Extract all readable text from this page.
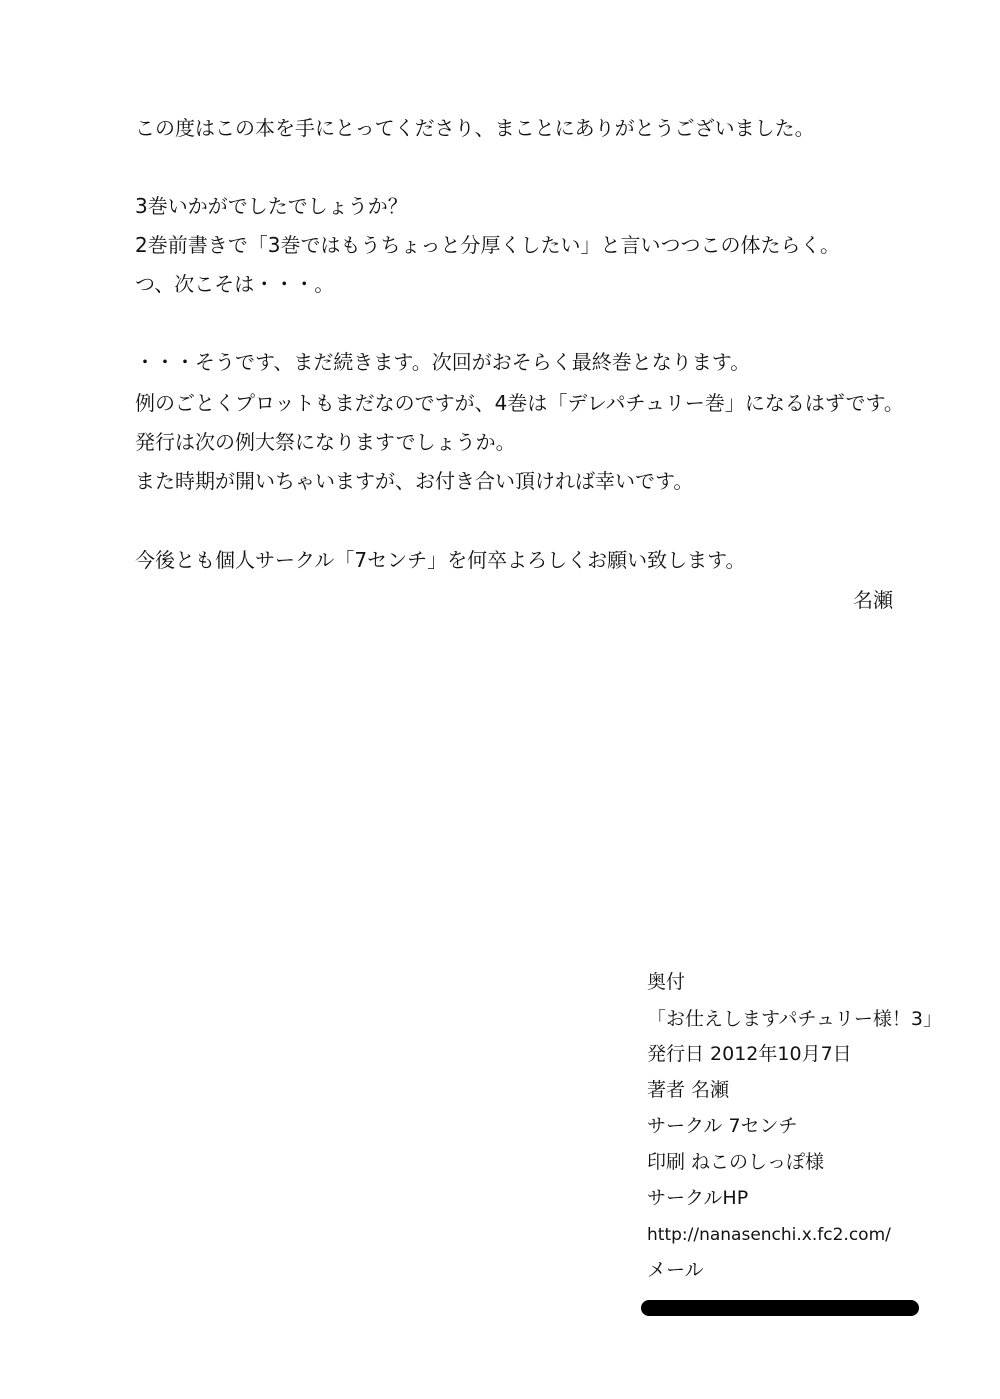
この度はこの本を手にとってくださり、まことにありがとうございました。
3巻いかがでしたでしょうか？
2巻前書きで「3巻ではもうちょっと分厚くしたい」と言いつつこの体たらく。
つ、次こそは・・・。
・・・そうです、まだ続きます。次回がおそらく最終巻となります。
例のごとくプロットもまだなのですが、4巻は「デレパチュリー巻」になるはずです。
発行は次の例大祭になりますでしょうか。
また時期が開いちゃいますが、お付き合い頂ければ幸いです。
今後とも個人サークル「7センチ」を何卒よろしくお願い致します。
名瀬
奥付
「お仕えしますパチュリー様！3」
発行日 2012年10月7日
著者 名瀬
サークル 7センチ
印刷 ねこのしっぽ様
サークルHP
http://nanasenchi.x.fc2.com/
メール
